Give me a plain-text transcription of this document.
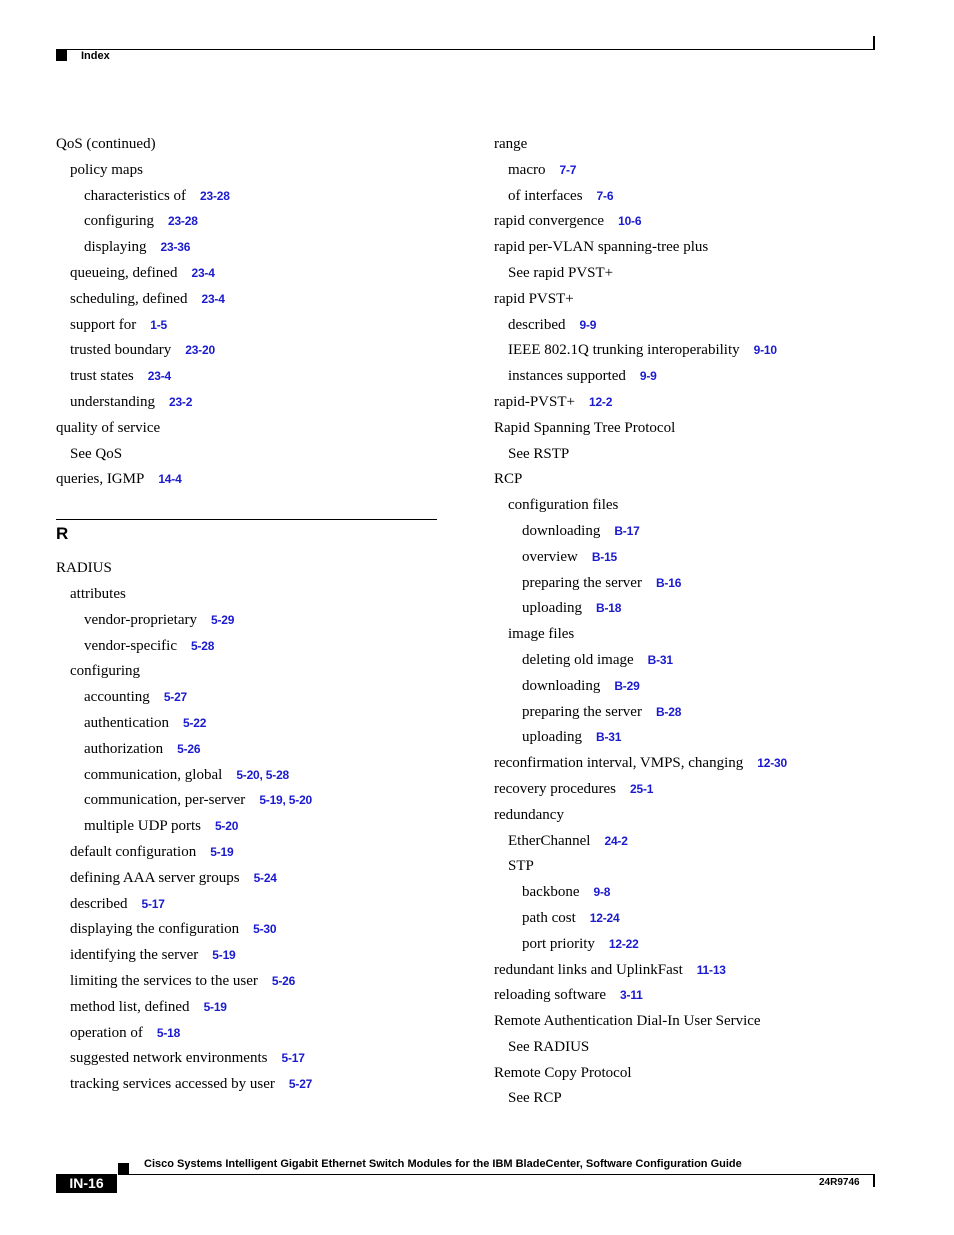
Index
QoS (continued)
policy maps
characteristics of 23-28
configuring 23-28
displaying 23-36
queueing, defined 23-4
scheduling, defined 23-4
support for 1-5
trusted boundary 23-20
trust states 23-4
understanding 23-2
quality of service
See QoS
queries, IGMP 14-4
R
RADIUS
attributes
vendor-proprietary 5-29
vendor-specific 5-28
configuring
accounting 5-27
authentication 5-22
authorization 5-26
communication, global 5-20, 5-28
communication, per-server 5-19, 5-20
multiple UDP ports 5-20
default configuration 5-19
defining AAA server groups 5-24
described 5-17
displaying the configuration 5-30
identifying the server 5-19
limiting the services to the user 5-26
method list, defined 5-19
operation of 5-18
suggested network environments 5-17
tracking services accessed by user 5-27
range
macro 7-7
of interfaces 7-6
rapid convergence 10-6
rapid per-VLAN spanning-tree plus
See rapid PVST+
rapid PVST+
described 9-9
IEEE 802.1Q trunking interoperability 9-10
instances supported 9-9
rapid-PVST+ 12-2
Rapid Spanning Tree Protocol
See RSTP
RCP
configuration files
downloading B-17
overview B-15
preparing the server B-16
uploading B-18
image files
deleting old image B-31
downloading B-29
preparing the server B-28
uploading B-31
reconfirmation interval, VMPS, changing 12-30
recovery procedures 25-1
redundancy
EtherChannel 24-2
STP
backbone 9-8
path cost 12-24
port priority 12-22
redundant links and UplinkFast 11-13
reloading software 3-11
Remote Authentication Dial-In User Service
See RADIUS
Remote Copy Protocol
See RCP
Cisco Systems Intelligent Gigabit Ethernet Switch Modules for the IBM BladeCenter, Software Configuration Guide
IN-16	24R9746
